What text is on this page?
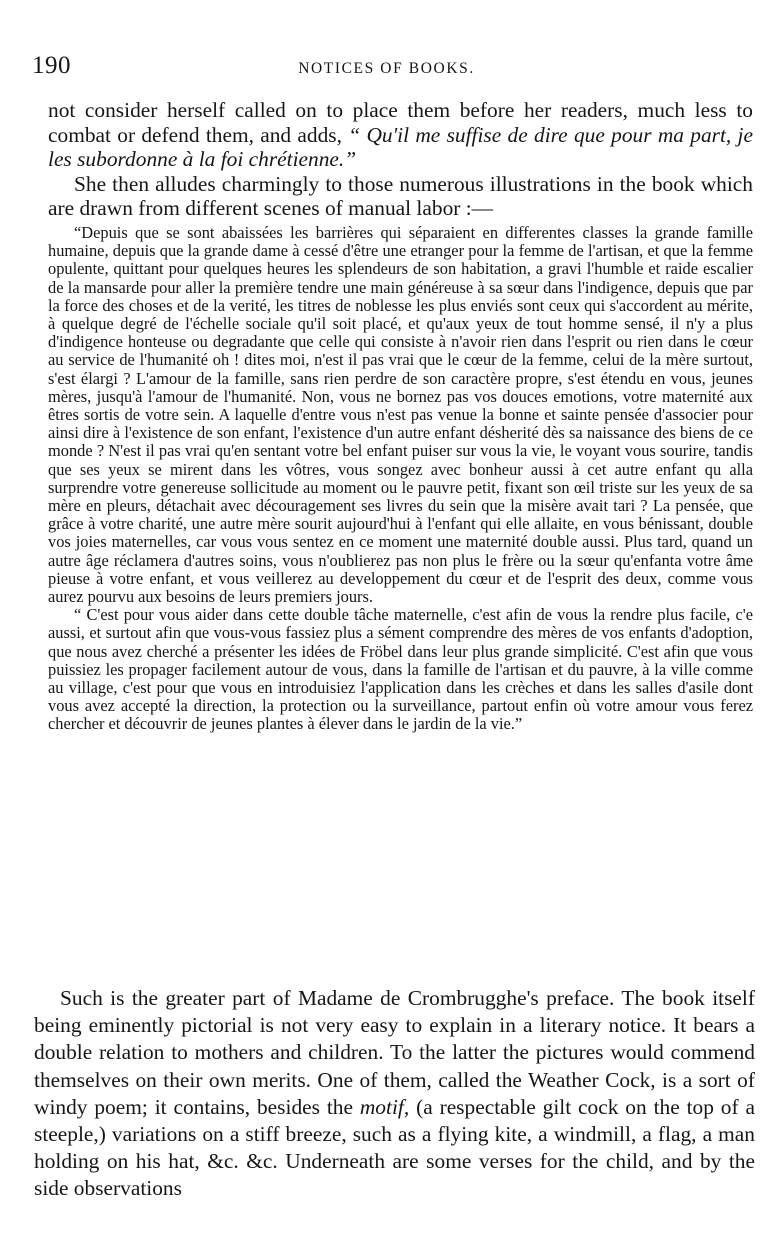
190	NOTICES OF BOOKS.

not consider herself called on to place them before her readers, much less to combat or defend them, and adds, “ Qu'il me suffise de dire que pour ma part, je les subordonne à la foi chrétienne.”

She then alludes charmingly to those numerous illustrations in the book which are drawn from different scenes of manual labor :—

“Depuis que se sont abaissées les barrières qui séparaient en differentes classes la grande famille humaine, depuis que la grande dame à cessé d'être une etranger pour la femme de l'artisan, et que la femme opulente, quittant pour quelques heures les splendeurs de son habitation, a gravi l'humble et raide escalier de la mansarde pour aller la première tendre une main généreuse à sa sœur dans l'indigence, depuis que par la force des choses et de la verité, les titres de noblesse les plus enviés sont ceux qui s'accordent au mérite, à quelque degré de l'échelle sociale qu'il soit placé, et qu'aux yeux de tout homme sensé, il n'y a plus d'indigence honteuse ou degradante que celle qui consiste à n'avoir rien dans l'esprit ou rien dans le cœur au service de l'humanité oh ! dites moi, n'est il pas vrai que le cœur de la femme, celui de la mère surtout, s'est élargi ? L'amour de la famille, sans rien perdre de son caractère propre, s'est étendu en vous, jeunes mères, jusqu'à l'amour de l'humanité. Non, vous ne bornez pas vos douces emotions, votre maternité aux êtres sortis de votre sein. A laquelle d'entre vous n'est pas venue la bonne et sainte pensée d'associer pour ainsi dire à l'existence de son enfant, l'existence d'un autre enfant désherité dès sa naissance des biens de ce monde ? N'est il pas vrai qu'en sentant votre bel enfant puiser sur vous la vie, le voyant vous sourire, tandis que ses yeux se mirent dans les vôtres, vous songez avec bonheur aussi à cet autre enfant qu alla surprendre votre genereuse sollicitude au moment ou le pauvre petit, fixant son œil triste sur les yeux de sa mère en pleurs, détachait avec découragement ses livres du sein que la misère avait tari ? La pensée, que grâce à votre charité, une autre mère sourit aujourd'hui à l'enfant qui elle allaite, en vous bénissant, double vos joies maternelles, car vous vous sentez en ce moment une maternité double aussi. Plus tard, quand un autre âge réclamera d'autres soins, vous n'oublierez pas non plus le frère ou la sœur qu'enfanta votre âme pieuse à votre enfant, et vous veillerez au developpement du cœur et de l'esprit des deux, comme vous aurez pourvu aux besoins de leurs premiers jours.

“ C'est pour vous aider dans cette double tâche maternelle, c'est afin de vous la rendre plus facile, c'e aussi, et surtout afin que vous-vous fassiez plus a sément comprendre des mères de vos enfants d'adoption, que nous avez cherché a présenter les idées de Fröbel dans leur plus grande simplicité. C'est afin que vous puissiez les propager facilement autour de vous, dans la famille de l'artisan et du pauvre, à la ville comme au village, c'est pour que vous en introduisiez l'application dans les crèches et dans les salles d'asile dont vous avez accepté la direction, la protection ou la surveillance, partout enfin où votre amour vous ferez chercher et découvrir de jeunes plantes à élever dans le jardin de la vie.”

Such is the greater part of Madame de Crombrugghe's preface. The book itself being eminently pictorial is not very easy to explain in a literary notice. It bears a double relation to mothers and children. To the latter the pictures would commend themselves on their own merits. One of them, called the Weather Cock, is a sort of windy poem; it contains, besides the motif, (a respectable gilt cock on the top of a steeple,) variations on a stiff breeze, such as a flying kite, a windmill, a flag, a man holding on his hat, &c. &c. Underneath are some verses for the child, and by the side observations
